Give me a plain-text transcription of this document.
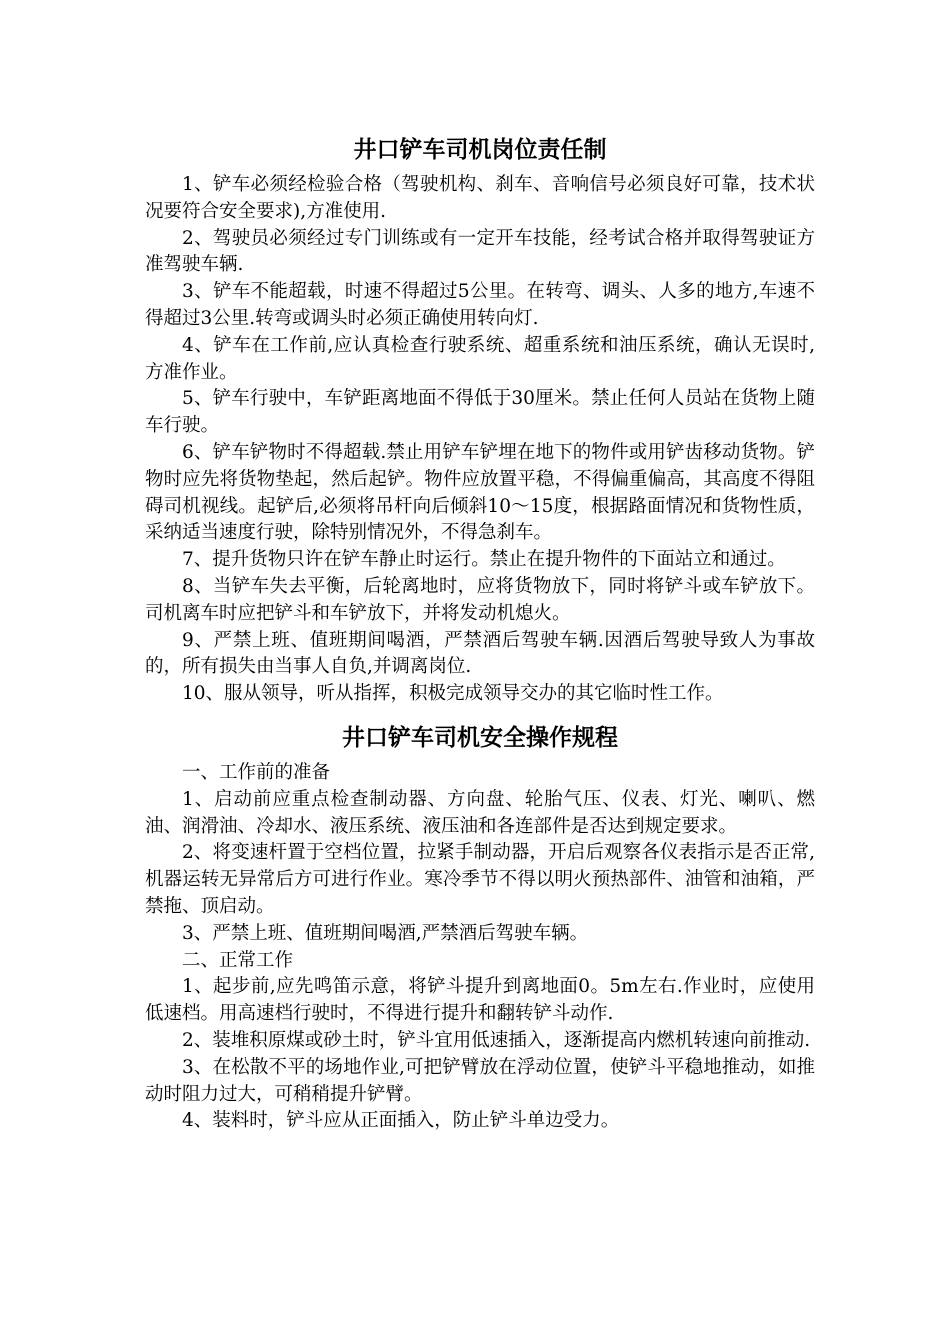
井口铲车司机岗位责任制

1、铲车必须经检验合格（驾驶机构、刹车、音响信号必须良好可靠，技术状况要符合安全要求),方准使用.

2、驾驶员必须经过专门训练或有一定开车技能，经考试合格并取得驾驶证方准驾驶车辆.

3、铲车不能超载，时速不得超过5公里。在转弯、调头、人多的地方,车速不得超过3公里.转弯或调头时必须正确使用转向灯.

4、铲车在工作前,应认真检查行驶系统、超重系统和油压系统，确认无误时,方准作业。

5、铲车行驶中，车铲距离地面不得低于30厘米。禁止任何人员站在货物上随车行驶。

6、铲车铲物时不得超载.禁止用铲车铲埋在地下的物件或用铲齿移动货物。铲物时应先将货物垫起，然后起铲。物件应放置平稳，不得偏重偏高，其高度不得阻碍司机视线。起铲后,必须将吊杆向后倾斜10～15度，根据路面情况和货物性质，采纳适当速度行驶，除特别情况外，不得急刹车。

7、提升货物只许在铲车静止时运行。禁止在提升物件的下面站立和通过。

8、当铲车失去平衡，后轮离地时，应将货物放下，同时将铲斗或车铲放下。司机离车时应把铲斗和车铲放下，并将发动机熄火。

9、严禁上班、值班期间喝酒，严禁酒后驾驶车辆.因酒后驾驶导致人为事故的，所有损失由当事人自负,并调离岗位.

10、服从领导，听从指挥，积极完成领导交办的其它临时性工作。

井口铲车司机安全操作规程

一、工作前的准备

1、启动前应重点检查制动器、方向盘、轮胎气压、仪表、灯光、喇叭、燃油、润滑油、冷却水、液压系统、液压油和各连部件是否达到规定要求。

2、将变速杆置于空档位置，拉紧手制动器，开启后观察各仪表指示是否正常,机器运转无异常后方可进行作业。寒冷季节不得以明火预热部件、油管和油箱，严禁拖、顶启动。

3、严禁上班、值班期间喝酒,严禁酒后驾驶车辆。

二、正常工作

1、起步前,应先鸣笛示意，将铲斗提升到离地面0。5m左右.作业时，应使用低速档。用高速档行驶时，不得进行提升和翻转铲斗动作.

2、装堆积原煤或砂土时，铲斗宜用低速插入，逐渐提高内燃机转速向前推动.

3、在松散不平的场地作业,可把铲臂放在浮动位置，使铲斗平稳地推动，如推动时阻力过大，可稍稍提升铲臂。

4、装料时，铲斗应从正面插入，防止铲斗单边受力。
